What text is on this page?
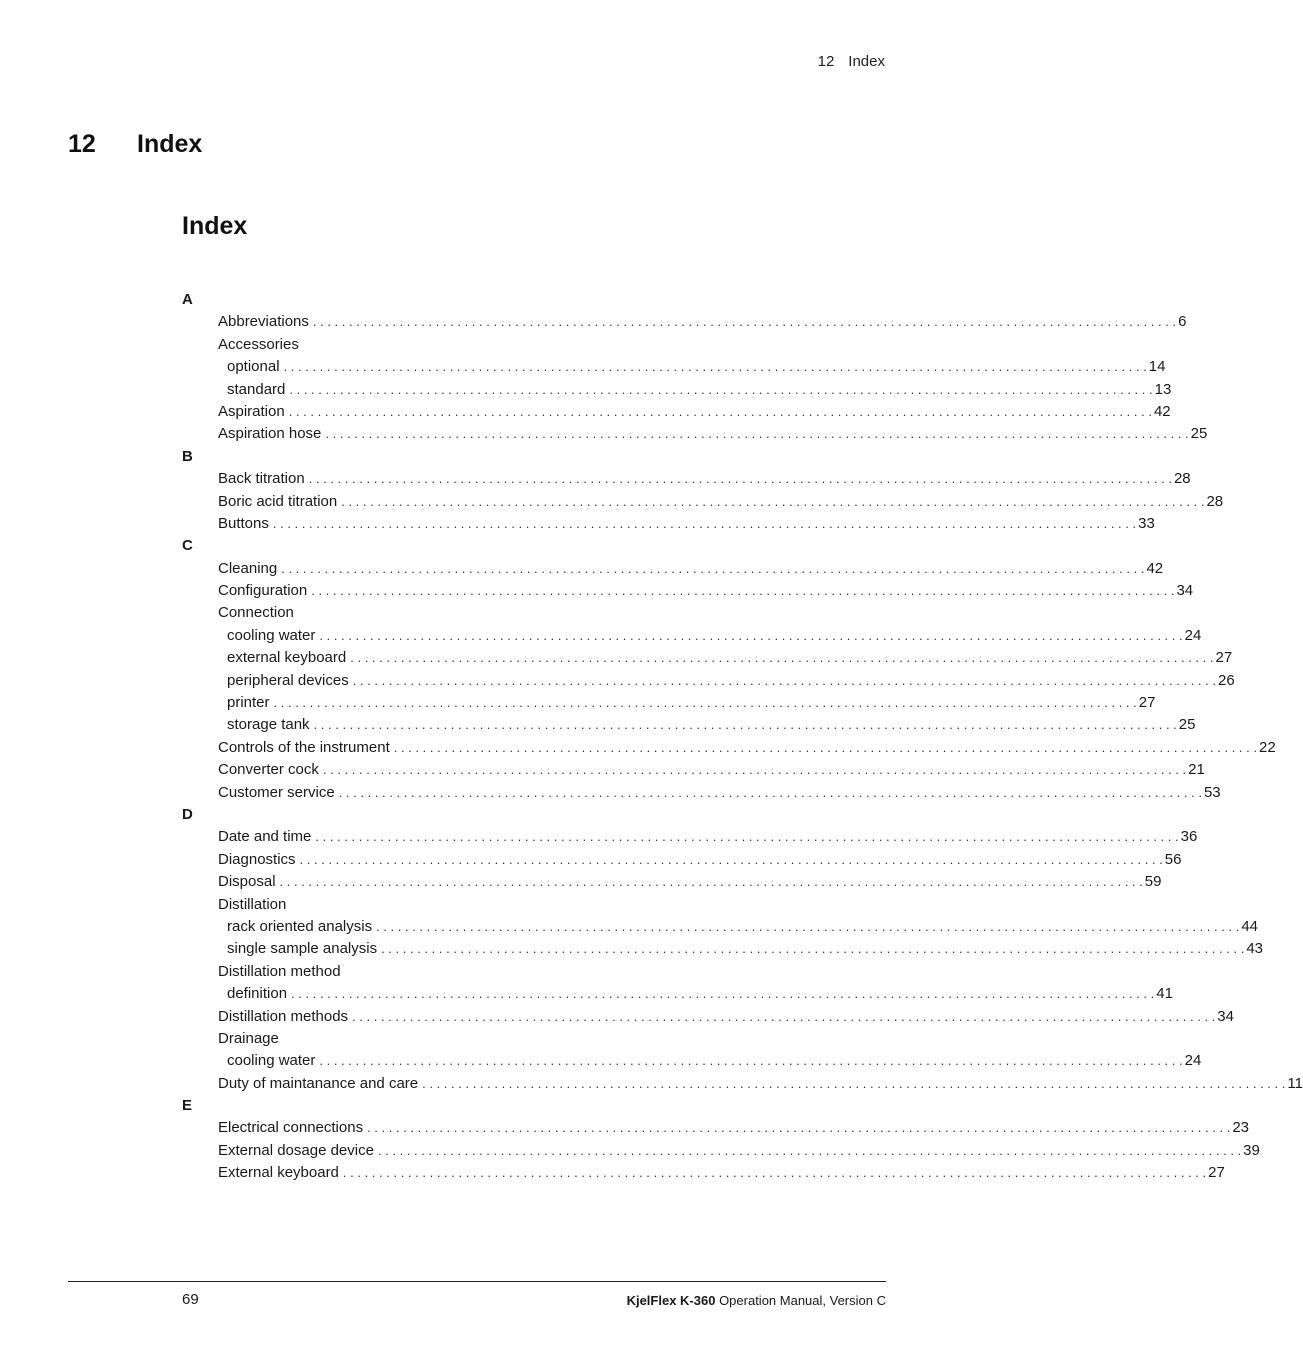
12 Index
12 Index
Index
A
Abbreviations . . . . . . . . . . . . . . . . . . . . . . . . . . . . . . . . . . . . . . . . . . . . . . . . . . . . . . . . . . . . . . . . . . . . . . . . . . . . . . . . . . . . . . . . . . . . . . . . . . . . . . . . . . . . . . . . . . . . . . . . 6
Accessories
optional . . . . . . . . . . . . . . . . . . . . . . . . . . . . . . . . . . . . . . . . . . . . . . . . . . . . . . . . . . . . . . . . . . . . . . . . . . . . . . . . . . . . . . . . . . . . . . . . . . . . . . . . . . . . . . . . . . . . . . . . 14
standard . . . . . . . . . . . . . . . . . . . . . . . . . . . . . . . . . . . . . . . . . . . . . . . . . . . . . . . . . . . . . . . . . . . . . . . . . . . . . . . . . . . . . . . . . . . . . . . . . . . . . . . . . . . . . . . . . . . . . . . . 13
Aspiration . . . . . . . . . . . . . . . . . . . . . . . . . . . . . . . . . . . . . . . . . . . . . . . . . . . . . . . . . . . . . . . . . . . . . . . . . . . . . . . . . . . . . . . . . . . . . . . . . . . . . . . . . . . . . . . . . . . . . . . . 42
Aspiration hose . . . . . . . . . . . . . . . . . . . . . . . . . . . . . . . . . . . . . . . . . . . . . . . . . . . . . . . . . . . . . . . . . . . . . . . . . . . . . . . . . . . . . . . . . . . . . . . . . . . . . . . . . . . . . . . . . . . . . . . . 25
B
Back titration . . . . . . . . . . . . . . . . . . . . . . . . . . . . . . . . . . . . . . . . . . . . . . . . . . . . . . . . . . . . . . . . . . . . . . . . . . . . . . . . . . . . . . . . . . . . . . . . . . . . . . . . . . . . . . . . . . . . . . . . 28
Boric acid titration . . . . . . . . . . . . . . . . . . . . . . . . . . . . . . . . . . . . . . . . . . . . . . . . . . . . . . . . . . . . . . . . . . . . . . . . . . . . . . . . . . . . . . . . . . . . . . . . . . . . . . . . . . . . . . . . . . . . . . . . 28
Buttons . . . . . . . . . . . . . . . . . . . . . . . . . . . . . . . . . . . . . . . . . . . . . . . . . . . . . . . . . . . . . . . . . . . . . . . . . . . . . . . . . . . . . . . . . . . . . . . . . . . . . . . . . . . . . . . . . . . . . . . . 33
C
Cleaning . . . . . . . . . . . . . . . . . . . . . . . . . . . . . . . . . . . . . . . . . . . . . . . . . . . . . . . . . . . . . . . . . . . . . . . . . . . . . . . . . . . . . . . . . . . . . . . . . . . . . . . . . . . . . . . . . . . . . . . . 42
Configuration . . . . . . . . . . . . . . . . . . . . . . . . . . . . . . . . . . . . . . . . . . . . . . . . . . . . . . . . . . . . . . . . . . . . . . . . . . . . . . . . . . . . . . . . . . . . . . . . . . . . . . . . . . . . . . . . . . . . . . . . 34
Connection
cooling water . . . . . . . . . . . . . . . . . . . . . . . . . . . . . . . . . . . . . . . . . . . . . . . . . . . . . . . . . . . . . . . . . . . . . . . . . . . . . . . . . . . . . . . . . . . . . . . . . . . . . . . . . . . . . . . . . . . . . . . . 24
external keyboard . . . . . . . . . . . . . . . . . . . . . . . . . . . . . . . . . . . . . . . . . . . . . . . . . . . . . . . . . . . . . . . . . . . . . . . . . . . . . . . . . . . . . . . . . . . . . . . . . . . . . . . . . . . . . . . . . . . . . . . . 27
peripheral devices . . . . . . . . . . . . . . . . . . . . . . . . . . . . . . . . . . . . . . . . . . . . . . . . . . . . . . . . . . . . . . . . . . . . . . . . . . . . . . . . . . . . . . . . . . . . . . . . . . . . . . . . . . . . . . . . . . . . . . . . 26
printer . . . . . . . . . . . . . . . . . . . . . . . . . . . . . . . . . . . . . . . . . . . . . . . . . . . . . . . . . . . . . . . . . . . . . . . . . . . . . . . . . . . . . . . . . . . . . . . . . . . . . . . . . . . . . . . . . . . . . . . . 27
storage tank . . . . . . . . . . . . . . . . . . . . . . . . . . . . . . . . . . . . . . . . . . . . . . . . . . . . . . . . . . . . . . . . . . . . . . . . . . . . . . . . . . . . . . . . . . . . . . . . . . . . . . . . . . . . . . . . . . . . . . . . 25
Controls of the instrument . . . . . . . . . . . . . . . . . . . . . . . . . . . . . . . . . . . . . . . . . . . . . . . . . . . . . . . . . . . . . . . . . . . . . . . . . . . . . . . . . . . . . . . . . . . . . . . . . . . . . . . . . . . . . . . . . . . . . . . . 22
Converter cock . . . . . . . . . . . . . . . . . . . . . . . . . . . . . . . . . . . . . . . . . . . . . . . . . . . . . . . . . . . . . . . . . . . . . . . . . . . . . . . . . . . . . . . . . . . . . . . . . . . . . . . . . . . . . . . . . . . . . . . . 21
Customer service . . . . . . . . . . . . . . . . . . . . . . . . . . . . . . . . . . . . . . . . . . . . . . . . . . . . . . . . . . . . . . . . . . . . . . . . . . . . . . . . . . . . . . . . . . . . . . . . . . . . . . . . . . . . . . . . . . . . . . . . 53
D
Date and time . . . . . . . . . . . . . . . . . . . . . . . . . . . . . . . . . . . . . . . . . . . . . . . . . . . . . . . . . . . . . . . . . . . . . . . . . . . . . . . . . . . . . . . . . . . . . . . . . . . . . . . . . . . . . . . . . . . . . . . . 36
Diagnostics . . . . . . . . . . . . . . . . . . . . . . . . . . . . . . . . . . . . . . . . . . . . . . . . . . . . . . . . . . . . . . . . . . . . . . . . . . . . . . . . . . . . . . . . . . . . . . . . . . . . . . . . . . . . . . . . . . . . . . . . 56
Disposal . . . . . . . . . . . . . . . . . . . . . . . . . . . . . . . . . . . . . . . . . . . . . . . . . . . . . . . . . . . . . . . . . . . . . . . . . . . . . . . . . . . . . . . . . . . . . . . . . . . . . . . . . . . . . . . . . . . . . . . . 59
Distillation
rack oriented analysis . . . . . . . . . . . . . . . . . . . . . . . . . . . . . . . . . . . . . . . . . . . . . . . . . . . . . . . . . . . . . . . . . . . . . . . . . . . . . . . . . . . . . . . . . . . . . . . . . . . . . . . . . . . . . . . . . . . . . . . . 44
single sample analysis . . . . . . . . . . . . . . . . . . . . . . . . . . . . . . . . . . . . . . . . . . . . . . . . . . . . . . . . . . . . . . . . . . . . . . . . . . . . . . . . . . . . . . . . . . . . . . . . . . . . . . . . . . . . . . . . . . . . . . . . 43
Distillation method
definition . . . . . . . . . . . . . . . . . . . . . . . . . . . . . . . . . . . . . . . . . . . . . . . . . . . . . . . . . . . . . . . . . . . . . . . . . . . . . . . . . . . . . . . . . . . . . . . . . . . . . . . . . . . . . . . . . . . . . . . . 41
Distillation methods . . . . . . . . . . . . . . . . . . . . . . . . . . . . . . . . . . . . . . . . . . . . . . . . . . . . . . . . . . . . . . . . . . . . . . . . . . . . . . . . . . . . . . . . . . . . . . . . . . . . . . . . . . . . . . . . . . . . . . . . 34
Drainage
cooling water . . . . . . . . . . . . . . . . . . . . . . . . . . . . . . . . . . . . . . . . . . . . . . . . . . . . . . . . . . . . . . . . . . . . . . . . . . . . . . . . . . . . . . . . . . . . . . . . . . . . . . . . . . . . . . . . . . . . . . . . 24
Duty of maintanance and care . . . . . . . . . . . . . . . . . . . . . . . . . . . . . . . . . . . . . . . . . . . . . . . . . . . . . . . . . . . . . . . . . . . . . . . . . . . . . . . . . . . . . . . . . . . . . . . . . . . . . . . . . . . . . . . . . . . . . . . . 11
E
Electrical connections . . . . . . . . . . . . . . . . . . . . . . . . . . . . . . . . . . . . . . . . . . . . . . . . . . . . . . . . . . . . . . . . . . . . . . . . . . . . . . . . . . . . . . . . . . . . . . . . . . . . . . . . . . . . . . . . . . . . . . . . 23
External dosage device . . . . . . . . . . . . . . . . . . . . . . . . . . . . . . . . . . . . . . . . . . . . . . . . . . . . . . . . . . . . . . . . . . . . . . . . . . . . . . . . . . . . . . . . . . . . . . . . . . . . . . . . . . . . . . . . . . . . . . . . 39
External keyboard . . . . . . . . . . . . . . . . . . . . . . . . . . . . . . . . . . . . . . . . . . . . . . . . . . . . . . . . . . . . . . . . . . . . . . . . . . . . . . . . . . . . . . . . . . . . . . . . . . . . . . . . . . . . . . . . . . . . . . . . 27
69	KjelFlex K-360 Operation Manual, Version C
